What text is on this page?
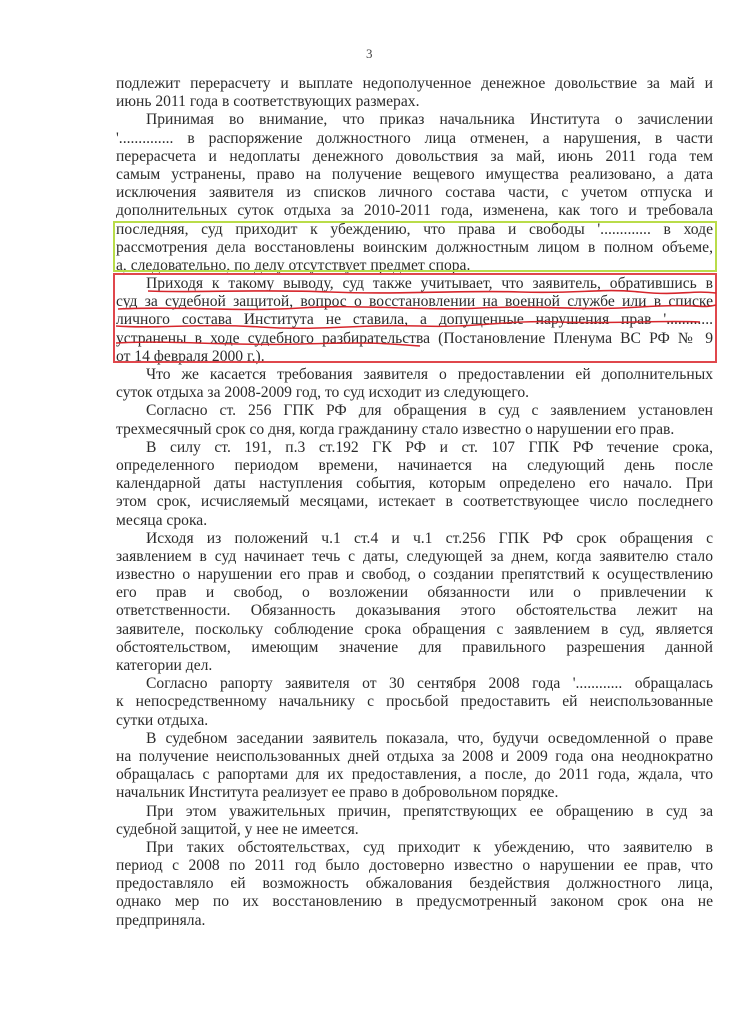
3
подлежит перерасчету и выплате недополученное денежное довольствие за май и
июнь 2011 года в соответствующих размерах.
Принимая во внимание, что приказ начальника Института о зачислении
'.............. в распоряжение должностного лица отменен, а нарушения, в части
перерасчета и недоплаты денежного довольствия за май, июнь 2011 года тем
самым устранены, право на получение вещевого имущества реализовано, а дата
исключения заявителя из списков личного состава части, с учетом отпуска и
дополнительных суток отдыха за 2010-2011 года, изменена, как того и требовала
последняя, суд приходит к убеждению, что права и свободы '............. в ходе
рассмотрения дела восстановлены воинским должностным лицом в полном объеме,
а, следовательно, по делу отсутствует предмет спора.
Приходя к такому выводу, суд также учитывает, что заявитель, обратившись в
суд за судебной защитой, вопрос о восстановлении на военной службе или в списке
личного состава Института не ставила, а допущенные нарушения прав '............
устранены в ходе судебного разбирательства (Постановление Пленума ВС РФ № 9
от 14 февраля 2000 г.).
Что же касается требования заявителя о предоставлении ей дополнительных
суток отдыха за 2008-2009 год, то суд исходит из следующего.
Согласно ст. 256 ГПК РФ для обращения в суд с заявлением установлен
трехмесячный срок со дня, когда гражданину стало известно о нарушении его прав.
В силу ст. 191, п.3 ст.192 ГК РФ и ст. 107 ГПК РФ течение срока,
определенного периодом времени, начинается на следующий день после
календарной даты наступления события, которым определено его начало. При
этом срок, исчисляемый месяцами, истекает в соответствующее число последнего
месяца срока.
Исходя из положений ч.1 ст.4 и ч.1 ст.256 ГПК РФ срок обращения с
заявлением в суд начинает течь с даты, следующей за днем, когда заявителю стало
известно о нарушении его прав и свобод, о создании препятствий к осуществлению
его прав и свобод, о возложении обязанности или о привлечении к
ответственности. Обязанность доказывания этого обстоятельства лежит на
заявителе, поскольку соблюдение срока обращения с заявлением в суд, является
обстоятельством, имеющим значение для правильного разрешения данной
категории дел.
Согласно рапорту заявителя от 30 сентября 2008 года '............ обращалась
к непосредственному начальнику с просьбой предоставить ей неиспользованные
сутки отдыха.
В судебном заседании заявитель показала, что, будучи осведомленной о праве
на получение неиспользованных дней отдыха за 2008 и 2009 года она неоднократно
обращалась с рапортами для их предоставления, а после, до 2011 года, ждала, что
начальник Института реализует ее право в добровольном порядке.
При этом уважительных причин, препятствующих ее обращению в суд за
судебной защитой, у нее не имеется.
При таких обстоятельствах, суд приходит к убеждению, что заявителю в
период с 2008 по 2011 год было достоверно известно о нарушении ее прав, что
предоставляло ей возможность обжалования бездействия должностного лица,
однако мер по их восстановлению в предусмотренный законом срок она не
предприняла.
